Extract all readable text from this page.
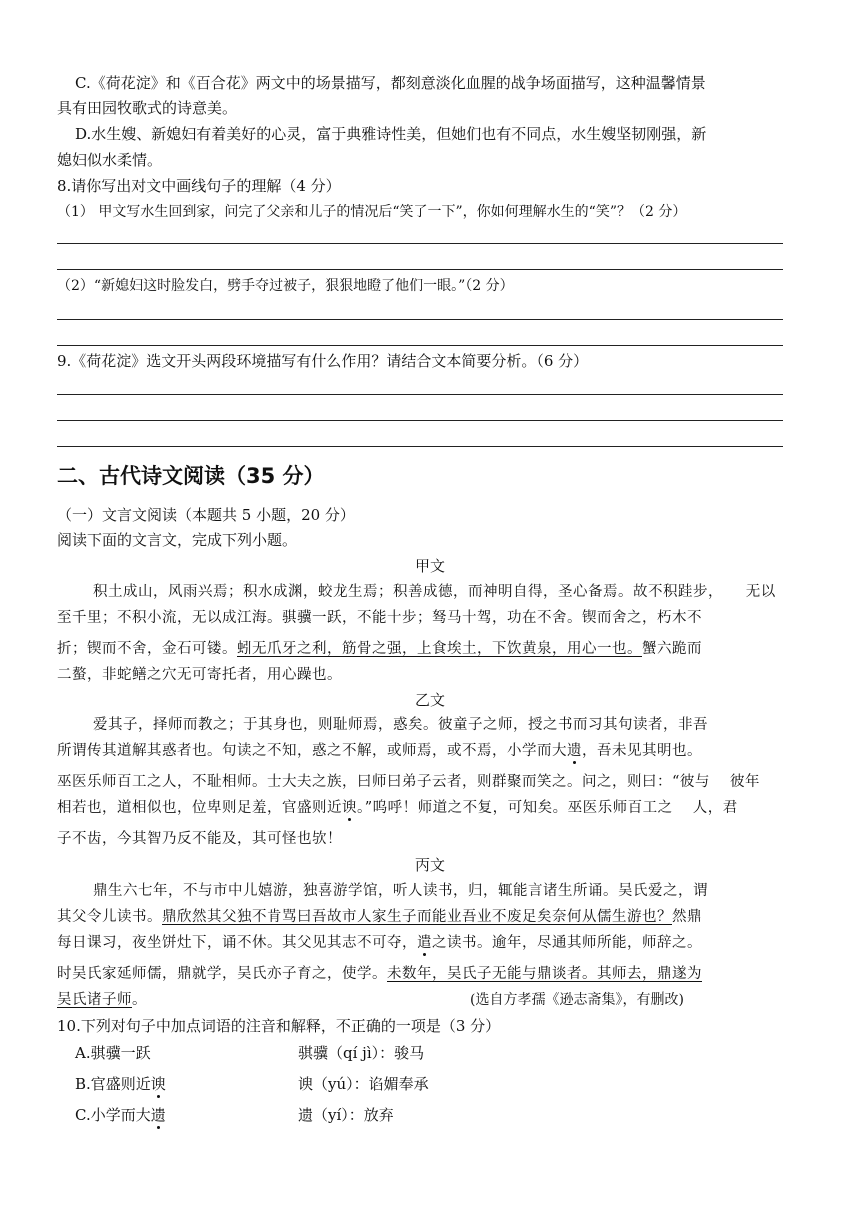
C.《荷花淀》和《百合花》两文中的场景描写，都刻意淡化血腥的战争场面描写，这种温馨情景
具有田园牧歌式的诗意美。
D.水生嫂、新媳妇有着美好的心灵，富于典雅诗性美，但她们也有不同点，水生嫂坚韧刚强，新
媳妇似水柔情。
8.请你写出对文中画线句子的理解（4 分）
（1） 甲文写水生回到家，问完了父亲和儿子的情况后“笑了一下”，你如何理解水生的“笑”？（2 分）
（2）“新媳妇这时脸发白，劈手夺过被子，狠狠地瞪了他们一眼。”（2 分）
9.《荷花淀》选文开头两段环境描写有什么作用？请结合文本简要分析。（6 分）
二、古代诗文阅读（35 分）
（一）文言文阅读（本题共 5 小题，20 分）
阅读下面的文言文，完成下列小题。
甲文
积土成山，风雨兴焉；积水成渊，蛟龙生焉；积善成德，而神明自得，圣心备焉。故不积跬步，　　无以
至千里；不积小流，无以成江海。骐骥一跃，不能十步；驽马十驾，功在不舍。锲而舍之，朽木不
折；锲而不舍，金石可镂。蚓无爪牙之利，筋骨之强，上食埃土，下饮黄泉，用心一也。蟹六跪而
二螯，非蛇鳝之穴无可寄托者，用心躁也。
乙文
爱其子，择师而教之；于其身也，则耻师焉，惑矣。彼童子之师，授之书而习其句读者，非吾
所谓传其道解其惑者也。句读之不知，惑之不解，或师焉，或不焉，小学而大遗，吾未见其明也。
巫医乐师百工之人，不耻相师。士大夫之族，曰师曰弟子云者，则群聚而笑之。问之，则曰：“彼与　 彼年
相若也，道相似也，位卑则足羞，官盛则近谀。”呜呼！师道之不复，可知矣。巫医乐师百工之　 人，君
子不齿，今其智乃反不能及，其可怪也欤！
丙文
鼎生六七年，不与市中儿嬉游，独喜游学馆，听人读书，归，辄能言诸生所诵。吴氏爱之，谓
其父令儿读书。鼎欣然其父独不肯骂曰吾故市人家生子而能业吾业不废足矣奈何从儒生游也？然鼎
每日课习，夜坐饼灶下，诵不休。其父见其志不可夺，遣之读书。逾年，尽通其师所能，师辞之。
时吴氏家延师儒，鼎就学，吴氏亦子育之，使学。未数年，吴氏子无能与鼎谈者。其师去，鼎遂为
吴氏诸子师。	(选自方孝孺《逊志斋集》，有删改)
10.下列对句子中加点词语的注音和解释，不正确的一项是（3 分）
A.骐骥一跃	骐骥（qí jì）：骏马
B.官盛则近谀	谀（yú）：谄媚奉承
C.小学而大遗	遗（yí）：放弃
